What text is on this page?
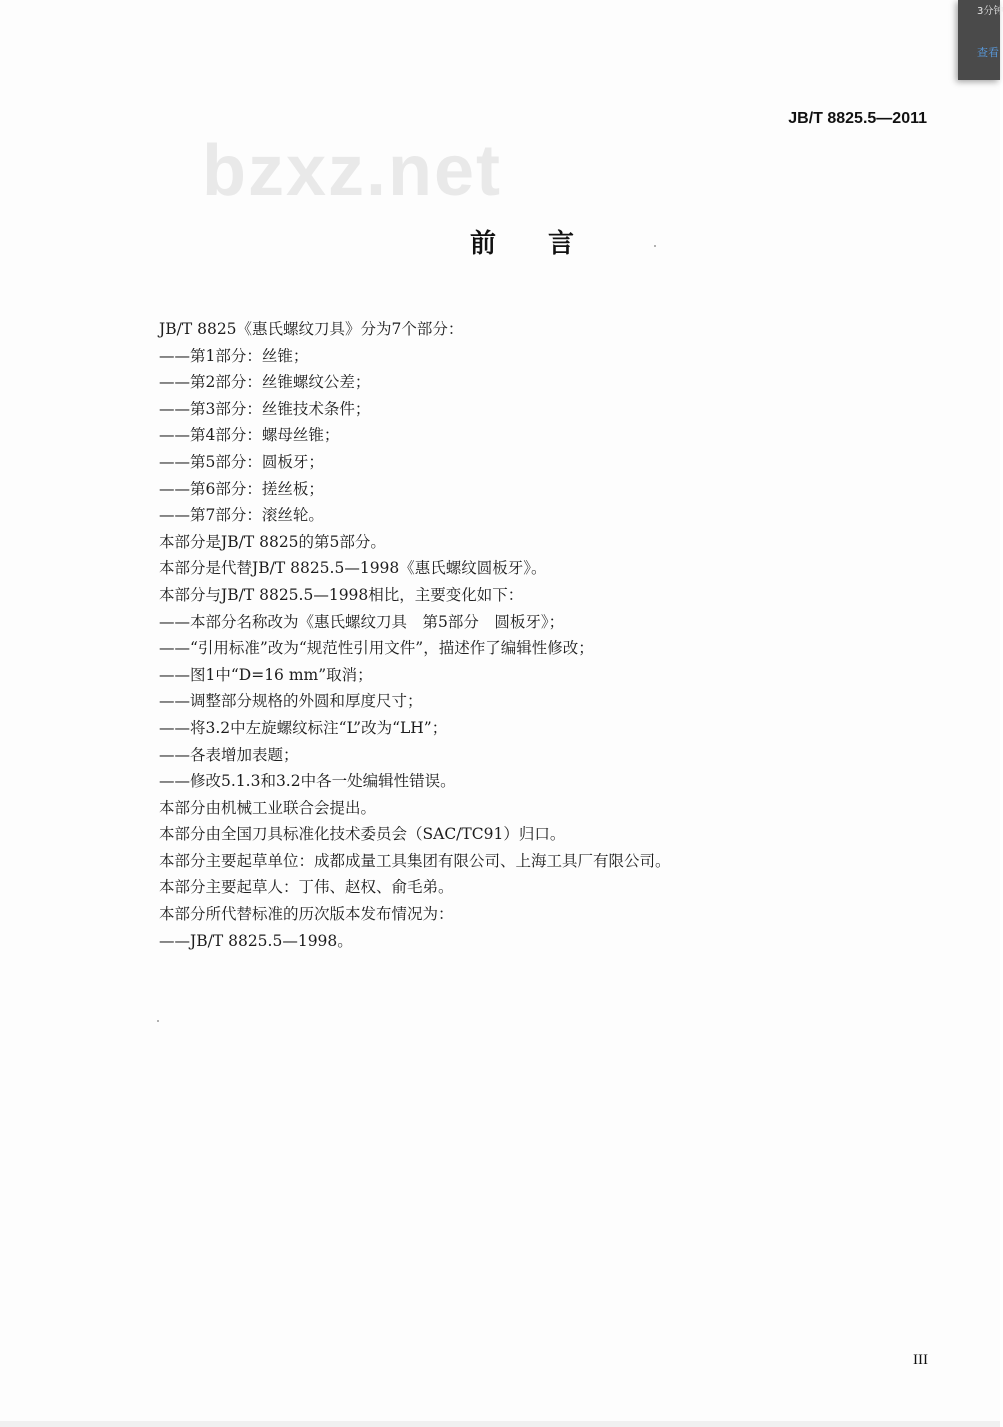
3分钟
查看
JB/T 8825.5—2011
bzxz.net
前言
JB/T 8825《惠氏螺纹刀具》分为7个部分：
——第1部分：丝锥；
——第2部分：丝锥螺纹公差；
——第3部分：丝锥技术条件；
——第4部分：螺母丝锥；
——第5部分：圆板牙；
——第6部分：搓丝板；
——第7部分：滚丝轮。
本部分是JB/T 8825的第5部分。
本部分是代替JB/T 8825.5—1998《惠氏螺纹圆板牙》。
本部分与JB/T 8825.5—1998相比，主要变化如下：
——本部分名称改为《惠氏螺纹刀具　第5部分　圆板牙》；
——“引用标准”改为“规范性引用文件”，描述作了编辑性修改；
——图1中“D=16 mm”取消；
——调整部分规格的外圆和厚度尺寸；
——将3.2中左旋螺纹标注“L”改为“LH”；
——各表增加表题；
——修改5.1.3和3.2中各一处编辑性错误。
本部分由机械工业联合会提出。
本部分由全国刀具标准化技术委员会（SAC/TC91）归口。
本部分主要起草单位：成都成量工具集团有限公司、上海工具厂有限公司。
本部分主要起草人：丁伟、赵权、俞毛弟。
本部分所代替标准的历次版本发布情况为：
——JB/T 8825.5—1998。
III
